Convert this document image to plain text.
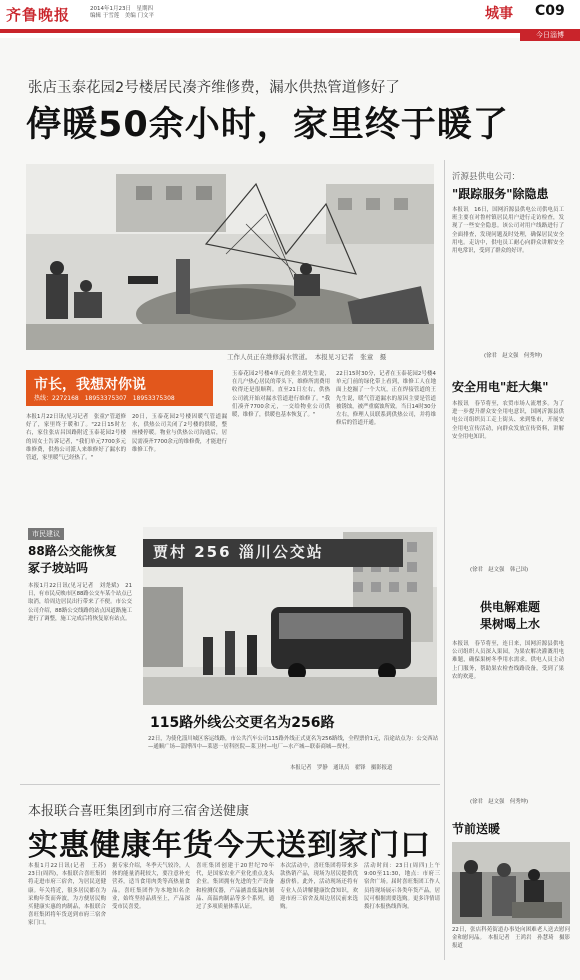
齐鲁晚报	2014年1月23日　星期四
编辑 于雪莲　美编 门文平	城事 C09
今日淄博
张店玉泰花园2号楼居民凑齐维修费，漏水供热管道修好了
停暖50余小时，家里终于暖了
工作人员正在维修漏水管道。　本报见习记者　张童　摄
沂源县供电公司：
"跟踪服务"除隐患
本报讯　16日，国网沂源县供电公司供电员工班主要在对鲁村镇居民用户进行走访检查，发现了一些安全隐患。该公司对用户线路进行了全面排查，发现问题及时处理，确保居民安全用电。走访中，供电员工耐心向群众讲解安全用电常识，受到了群众的好评。
(徐君　赵文强　何秀坤)
安全用电"赶大集"
本报讯　春节将至，农贸市场人流增多。为了进一步提升群众安全用电意识，国网沂源县供电公司组织员工走上街头、来到集市，开展安全用电宣传活动，向群众发放宣传资料，讲解安全用电知识。
(徐君　赵文强　韩己国)
供电解难题
果树喝上水
本报讯　春节将至，连日来，国网沂源县供电公司组织人员深入果园，为果农解决灌溉用电难题，确保果树冬季用水需求。供电人员主动上门服务，帮助果农检查线路设备，受到了果农的欢迎。
(徐君　赵文强　何秀坤)
节前送暖
22日，张店科苑街道办事处向困难老人送去慰问金和慰问品。　本报记者　王鸿岩　孙慧琦　摄影报道
市长，我想对你说
热线：2272168　18953375307　18953375308
本报1月22日讯(见习记者　张童)"管道修好了，家里终于暖和了。"22日15时左右，家住张店昌国路附近玉泰花园2号楼的周女士告诉记者，"我们单元7700多元维修费，供热公司派人来维修好了漏水的管道，家里暖气已经热了。"
20日，玉泰花园2号楼因暖气管道漏水，供热公司关闭了2号楼的供暖，整座楼停暖。物业与供热公司沟通后，居民需凑齐7700余元的维修费，才能进行维修工作。
玉泰花园2号楼4单元的业主胡先生说，在几户热心居民的带头下，维修所需费用收得还是很顺利。直至21日左右，供热公司就开始对漏水管道进行维修了。"我们凑齐7700余元，一交给物业公司供暖，维修了，供暖也基本恢复了。"
22日15时30分，记者在玉泰花园2号楼4单元门前的绿化带上看到，维修工人在地面上挖掘了一个大坑，正在焊接管道的王先生说，暖气管道漏水的原因主要是管道被锈蚀，被严重腐蚀所致。当日14时30分左右，修理人员联系到供热公司，并将维修后的管道开通。
市民建议
88路公交能恢复
冢子坡站吗
本报1月22日讯(见习记者　刘尧斌)　21日，有市民反映市区88路公交车某个站点已取消，给周边居民出行带来了不便。市公交公司介绍，88路公交线路的站点因道路施工进行了调整，施工完成后将恢复原有站点。
贾村 256 淄川公交站
115路外线公交更名为256路
22日，为使化淄川城区客运线路，市公共汽车公司115路外线正式更名为256路线，全程票价1元，沿途站点为：公交西站—通顺广场—淄博四中—莱恩一居科医院—莱卫村—电厂—水产城—联泰商城—贾村。
本报记者　罗静　通讯员　翟锋　摄影报道
本报联合喜旺集团到市府三宿舍送健康
实惠健康年货今天送到家门口
本报1月22日讯(记者　王苏)　23日(周四)，本报联合喜旺集团将走进市府三宿舍，为居民送健康。年关将近，很多居民都在为采购年货而奔波，为方便居民购买健康实惠的肉制品，本报联合喜旺集团将年货送到市府三宿舍家门口。
据专家介绍，冬季天气较冷，人体的能量消耗较大，要注意补充营养，适当食用肉类等高热量食品。喜旺集团作为本地知名企业，始终坚持品质至上，产品深受市民喜爱。
喜旺集团创建于20世纪70年代，是国家农业产业化重点龙头企业。集团拥有先进的生产设备和检测仪器，产品涵盖低温肉制品、高温肉制品等多个系列，通过了多项质量体系认证。
本次活动中，喜旺集团将带来多款热销产品，现场为居民提供优惠价格。此外，活动现场还将有专业人员讲解健康饮食知识，欢迎市府三宿舍及周边居民前来选购。
活动时间：23日(周四)上午9:00至11:30，地点：市府三宿舍广场。届时喜旺集团工作人员将现场展示各类年货产品，居民可根据需要选购。更多详情请拨打本报热线咨询。
